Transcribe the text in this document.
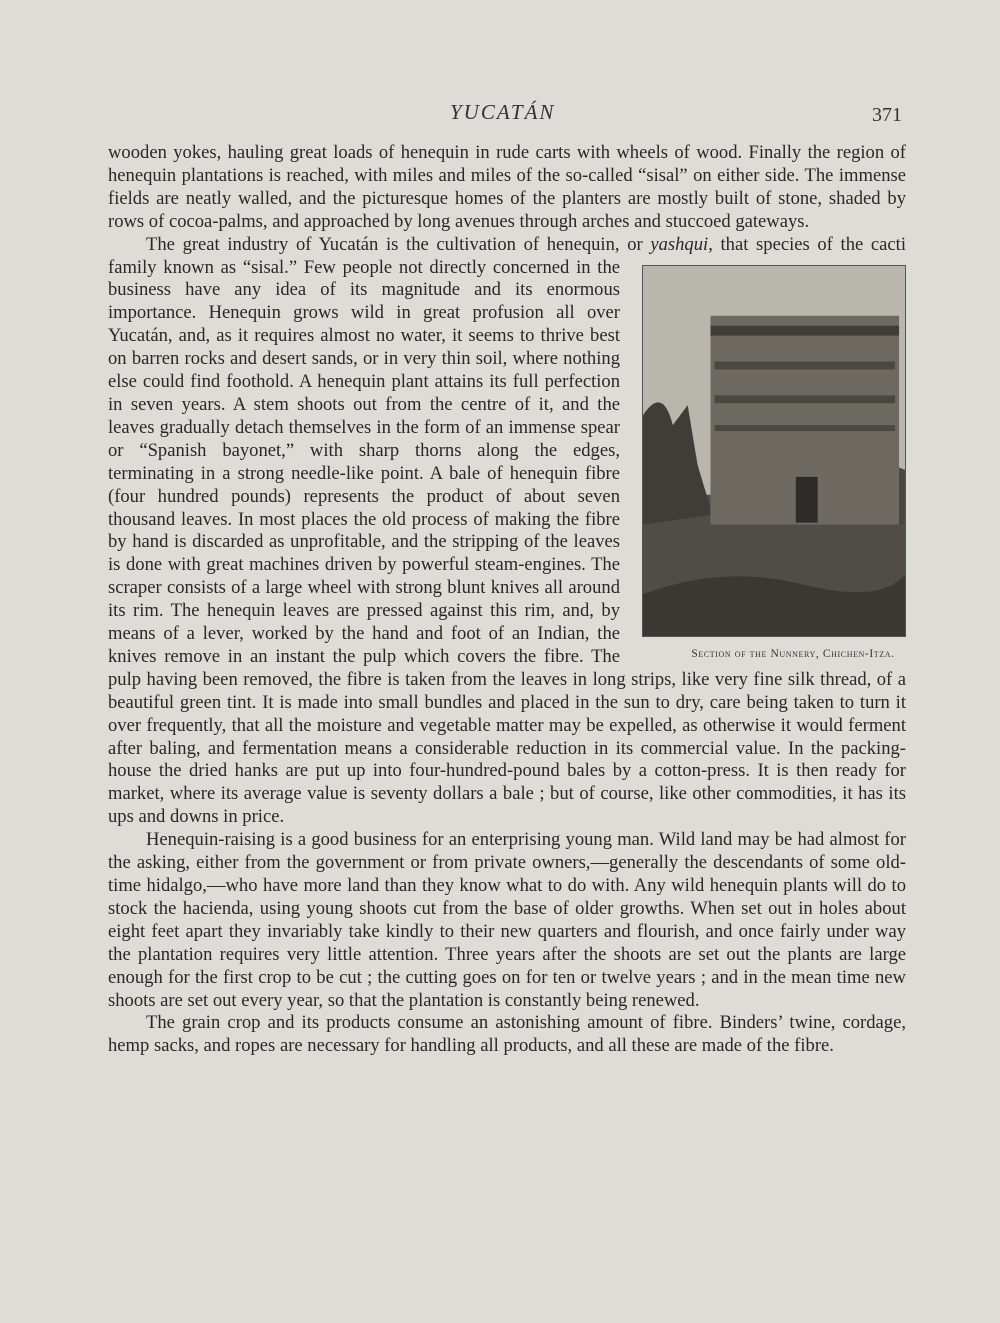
YUCATÁN	371

wooden yokes, hauling great loads of henequin in rude carts with wheels of wood. Finally the region of henequin plantations is reached, with miles and miles of the so-called “sisal” on either side. The immense fields are neatly walled, and the picturesque homes of the planters are mostly built of stone, shaded by rows of cocoa-palms, and approached by long avenues through arches and stuccoed gateways.

The great industry of Yucatán is the cultivation of henequin, or yashqui
Section of the Nunnery, Chichen-Itza.
, that species of the cacti family known as “sisal.” Few people not directly concerned in the business have any idea of its magnitude and its enormous importance. Henequin grows wild in great profusion all over Yucatán, and, as it requires almost no water, it seems to thrive best on barren rocks and desert sands, or in very thin soil, where nothing else could find foothold. A henequin plant attains its full perfection in seven years. A stem shoots out from the centre of it, and the leaves gradually detach themselves in the form of an immense spear or “Spanish bayonet,” with sharp thorns along the edges, terminating in a strong needle-like point. A bale of henequin fibre (four hundred pounds) represents the product of about seven thousand leaves. In most places the old process of making the fibre by hand is discarded as unprofitable, and the stripping of the leaves is done with great machines driven by powerful steam-engines. The scraper consists of a large wheel with strong blunt knives all around its rim. The henequin leaves are pressed against this rim, and, by means of a lever, worked by the hand and foot of an Indian, the knives remove in an instant the pulp which covers the fibre. The pulp having been removed, the fibre is taken from the leaves in long strips, like very fine silk thread, of a beautiful green tint. It is made into small bundles and placed in the sun to dry, care being taken to turn it over frequently, that all the moisture and vegetable matter may be expelled, as otherwise it would ferment after baling, and fermentation means a considerable reduction in its commercial value. In the packing-house the dried hanks are put up into four-hundred-pound bales by a cotton-press. It is then ready for market, where its average value is seventy dollars a bale ; but of course, like other commodities, it has its ups and downs in price.

Henequin-raising is a good business for an enterprising young man. Wild land may be had almost for the asking, either from the government or from private owners,—generally the descendants of some old-time hidalgo,—who have more land than they know what to do with. Any wild henequin plants will do to stock the hacienda, using young shoots cut from the base of older growths. When set out in holes about eight feet apart they invariably take kindly to their new quarters and flourish, and once fairly under way the plantation requires very little attention. Three years after the shoots are set out the plants are large enough for the first crop to be cut ; the cutting goes on for ten or twelve years ; and in the mean time new shoots are set out every year, so that the plantation is constantly being renewed.

The grain crop and its products consume an astonishing amount of fibre. Binders’ twine, cordage, hemp sacks, and ropes are necessary for handling all products, and all these are made of the fibre.
